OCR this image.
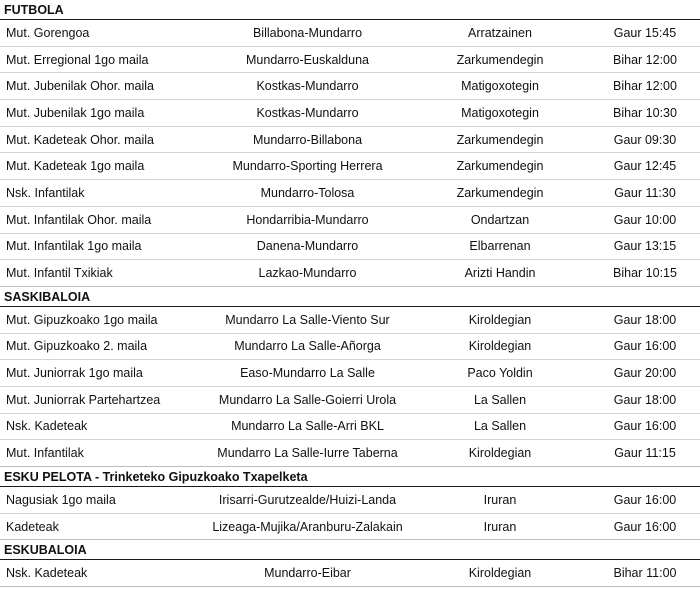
FUTBOLA
Mut. Gorengoa	Billabona-Mundarro	Arratzainen	Gaur 15:45
Mut. Erregional 1go maila	Mundarro-Euskalduna	Zarkumendegin	Bihar 12:00
Mut. Jubenilak Ohor. maila	Kostkas-Mundarro	Matigoxotegin	Bihar 12:00
Mut. Jubenilak 1go maila	Kostkas-Mundarro	Matigoxotegin	Bihar 10:30
Mut. Kadeteak Ohor. maila	Mundarro-Billabona	Zarkumendegin	Gaur 09:30
Mut. Kadeteak 1go maila	Mundarro-Sporting Herrera	Zarkumendegin	Gaur 12:45
Nsk. Infantilak	Mundarro-Tolosa	Zarkumendegin	Gaur 11:30
Mut. Infantilak Ohor. maila	Hondarribia-Mundarro	Ondartzan	Gaur 10:00
Mut. Infantilak 1go maila	Danena-Mundarro	Elbarrenan	Gaur 13:15
Mut. Infantil Txikiak	Lazkao-Mundarro	Arizti Handin	Bihar 10:15
SASKIBALOIA
Mut. Gipuzkoako 1go maila	Mundarro La Salle-Viento Sur	Kiroldegian	Gaur 18:00
Mut. Gipuzkoako 2. maila	Mundarro La Salle-Añorga	Kiroldegian	Gaur 16:00
Mut. Juniorrak 1go maila	Easo-Mundarro La Salle	Paco Yoldin	Gaur 20:00
Mut. Juniorrak Partehartzea	Mundarro La Salle-Goierri Urola	La Sallen	Gaur 18:00
Nsk. Kadeteak	Mundarro La Salle-Arri BKL	La Sallen	Gaur 16:00
Mut. Infantilak	Mundarro La Salle-Iurre Taberna	Kiroldegian	Gaur 11:15
ESKU PELOTA - Trinketeko Gipuzkoako Txapelketa
Nagusiak 1go maila	Irisarri-Gurutzealde/Huizi-Landa	Iruran	Gaur 16:00
Kadeteak	Lizeaga-Mujika/Aranburu-Zalakain	Iruran	Gaur 16:00
ESKUBALOIA
Nsk. Kadeteak	Mundarro-Eibar	Kiroldegian	Bihar 11:00
